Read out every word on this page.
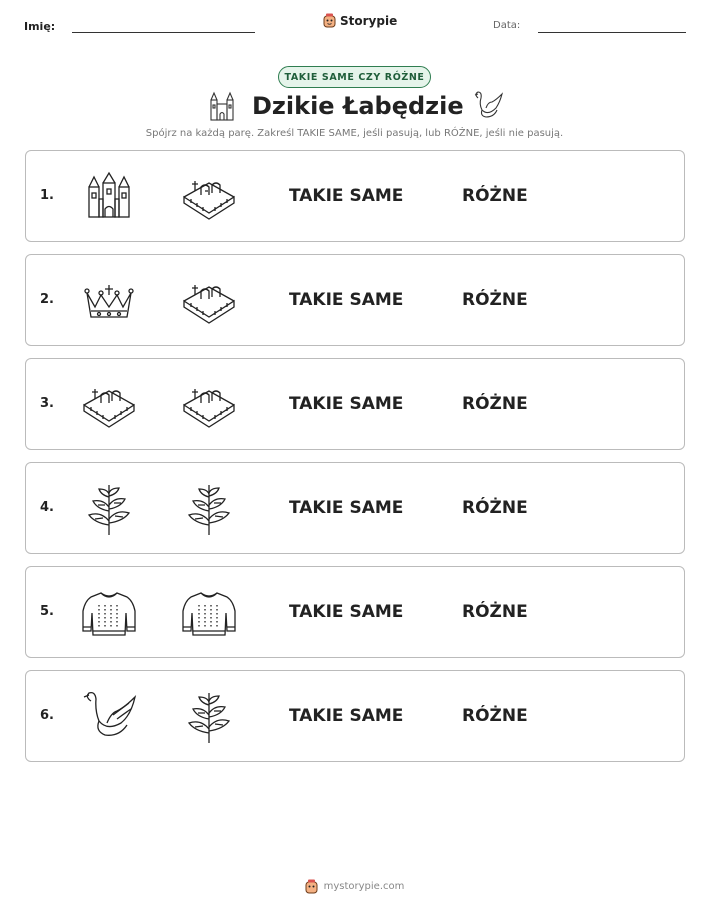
Imię:	Storypie	Data:
TAKIE SAME CZY RÓŻNE
Dzikie Łabędzie
Spójrz na każdą parę. Zakreśl TAKIE SAME, jeśli pasują, lub RÓŻNE, jeśli nie pasują.
1.	TAKIE SAME	RÓŻNE
2.	TAKIE SAME	RÓŻNE
3.	TAKIE SAME	RÓŻNE
4.	TAKIE SAME	RÓŻNE
5.	TAKIE SAME	RÓŻNE
6.	TAKIE SAME	RÓŻNE
mystorypie.com
